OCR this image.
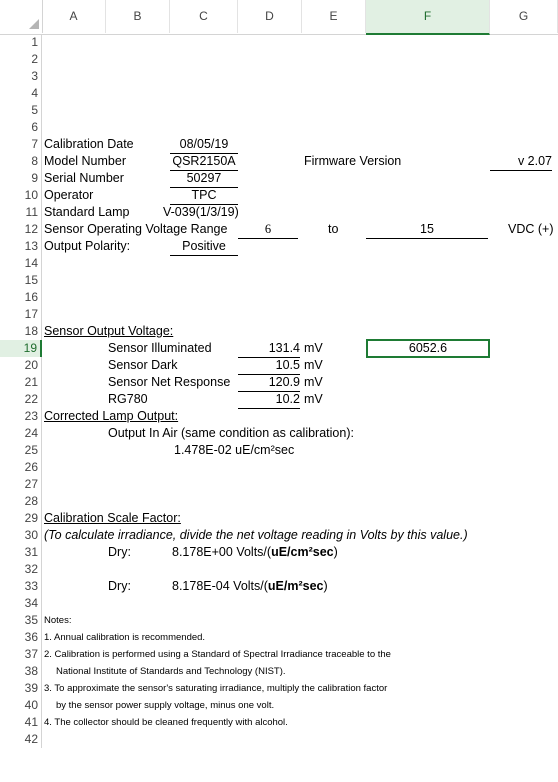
A	B	C	D	E	F	G
1
2
3
4
5
6
7
8
9
10
11
12
13
14
15
16
17
18
19
20
21
22
23
24
25
26
27
28
29
30
31
32
33
34
35
36
37
38
39
40
41
42
Calibration Date	08/05/19
Model Number	QSR2150A	Firmware Version	v 2.07
Serial Number	50297
Operator	TPC
Standard Lamp	V-039(1/3/19)
Sensor Operating Voltage Range	6	to	15	VDC (+)
Output Polarity:	Positive
Sensor Output Voltage:
Sensor Illuminated	131.4 mV	6052.6
Sensor Dark	10.5 mV
Sensor Net Response	120.9 mV
RG780	10.2 mV
Corrected Lamp Output:
Output In Air (same condition as calibration):
1.478E-02 uE/cm²sec
Calibration Scale Factor:
(To calculate irradiance, divide the net voltage reading in Volts by this value.)
Dry:	8.178E+00 Volts/(uE/cm²sec)
Dry:	8.178E-04 Volts/(uE/m²sec)
Notes:
1. Annual calibration is recommended.
2. Calibration is performed using a Standard of Spectral Irradiance traceable to the
National Institute of Standards and Technology (NIST).
3. To approximate the sensor's saturating irradiance, multiply the calibration factor
by the sensor power supply voltage, minus one volt.
4. The collector should be cleaned frequently with alcohol.
